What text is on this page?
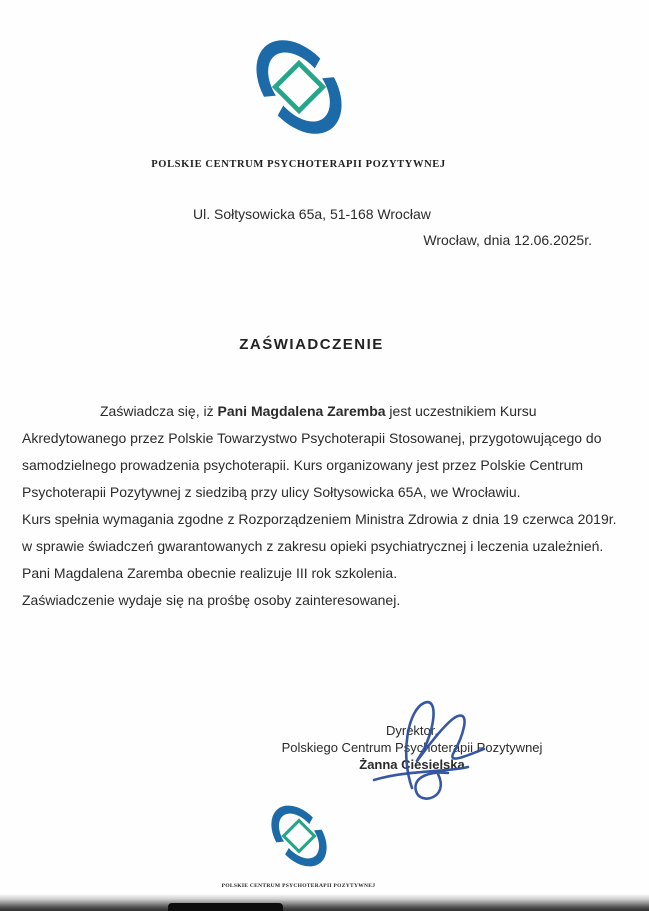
POLSKIE CENTRUM PSYCHOTERAPII POZYTYWNEJ
Ul. Sołtysowicka 65a, 51-168 Wrocław
Wrocław, dnia 12.06.2025r.
ZAŚWIADCZENIE

Zaświadcza się, iż Pani Magdalena Zaremba jest uczestnikiem Kursu Akredytowanego przez Polskie Towarzystwo Psychoterapii Stosowanej, przygotowującego do samodzielnego prowadzenia psychoterapii. Kurs organizowany jest przez Polskie Centrum Psychoterapii Pozytywnej z siedzibą przy ulicy Sołtysowicka 65A, we Wrocławiu.

Kurs spełnia wymagania zgodne z Rozporządzeniem Ministra Zdrowia z dnia 19 czerwca 2019r. w sprawie świadczeń gwarantowanych z zakresu opieki psychiatrycznej i leczenia uzależnień.

Pani Magdalena Zaremba obecnie realizuje III rok szkolenia.

Zaświadczenie wydaje się na prośbę osoby zainteresowanej.

Dyrektor,
Polskiego Centrum Psychoterapii Pozytywnej
Żanna Ciesielska
POLSKIE CENTRUM PSYCHOTERAPII POZYTYWNEJ
